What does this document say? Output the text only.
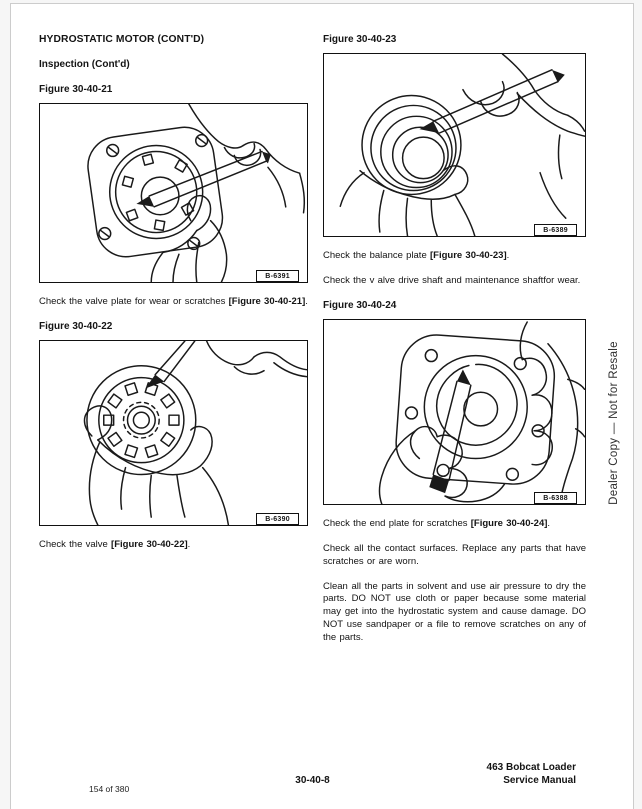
HYDROSTATIC MOTOR (CONT'D)
Inspection (Cont'd)
Figure 30-40-21
B-6391

Check the valve plate for wear or scratches [Figure 30-40-21].

Figure 30-40-22
B-6390

Check the valve [Figure 30-40-22].

Figure 30-40-23
B-6389

Check the balance plate [Figure 30-40-23].

Check the v alve drive shaft and maintenance shaftfor wear.

Figure 30-40-24
B-6388

Check the end plate for scratches [Figure 30-40-24].

Check all the contact surfaces. Replace any parts that have scratches or are worn.

Clean all the parts in solvent and use air pressure to dry the parts. DO NOT use cloth or paper because some material may get into the hydrostatic system and cause damage. DO NOT use sandpaper or a file to remove scratches on any of the parts.

Dealer Copy — Not for Resale
30-40-8
463 Bobcat Loader
Service Manual
154 of 380
